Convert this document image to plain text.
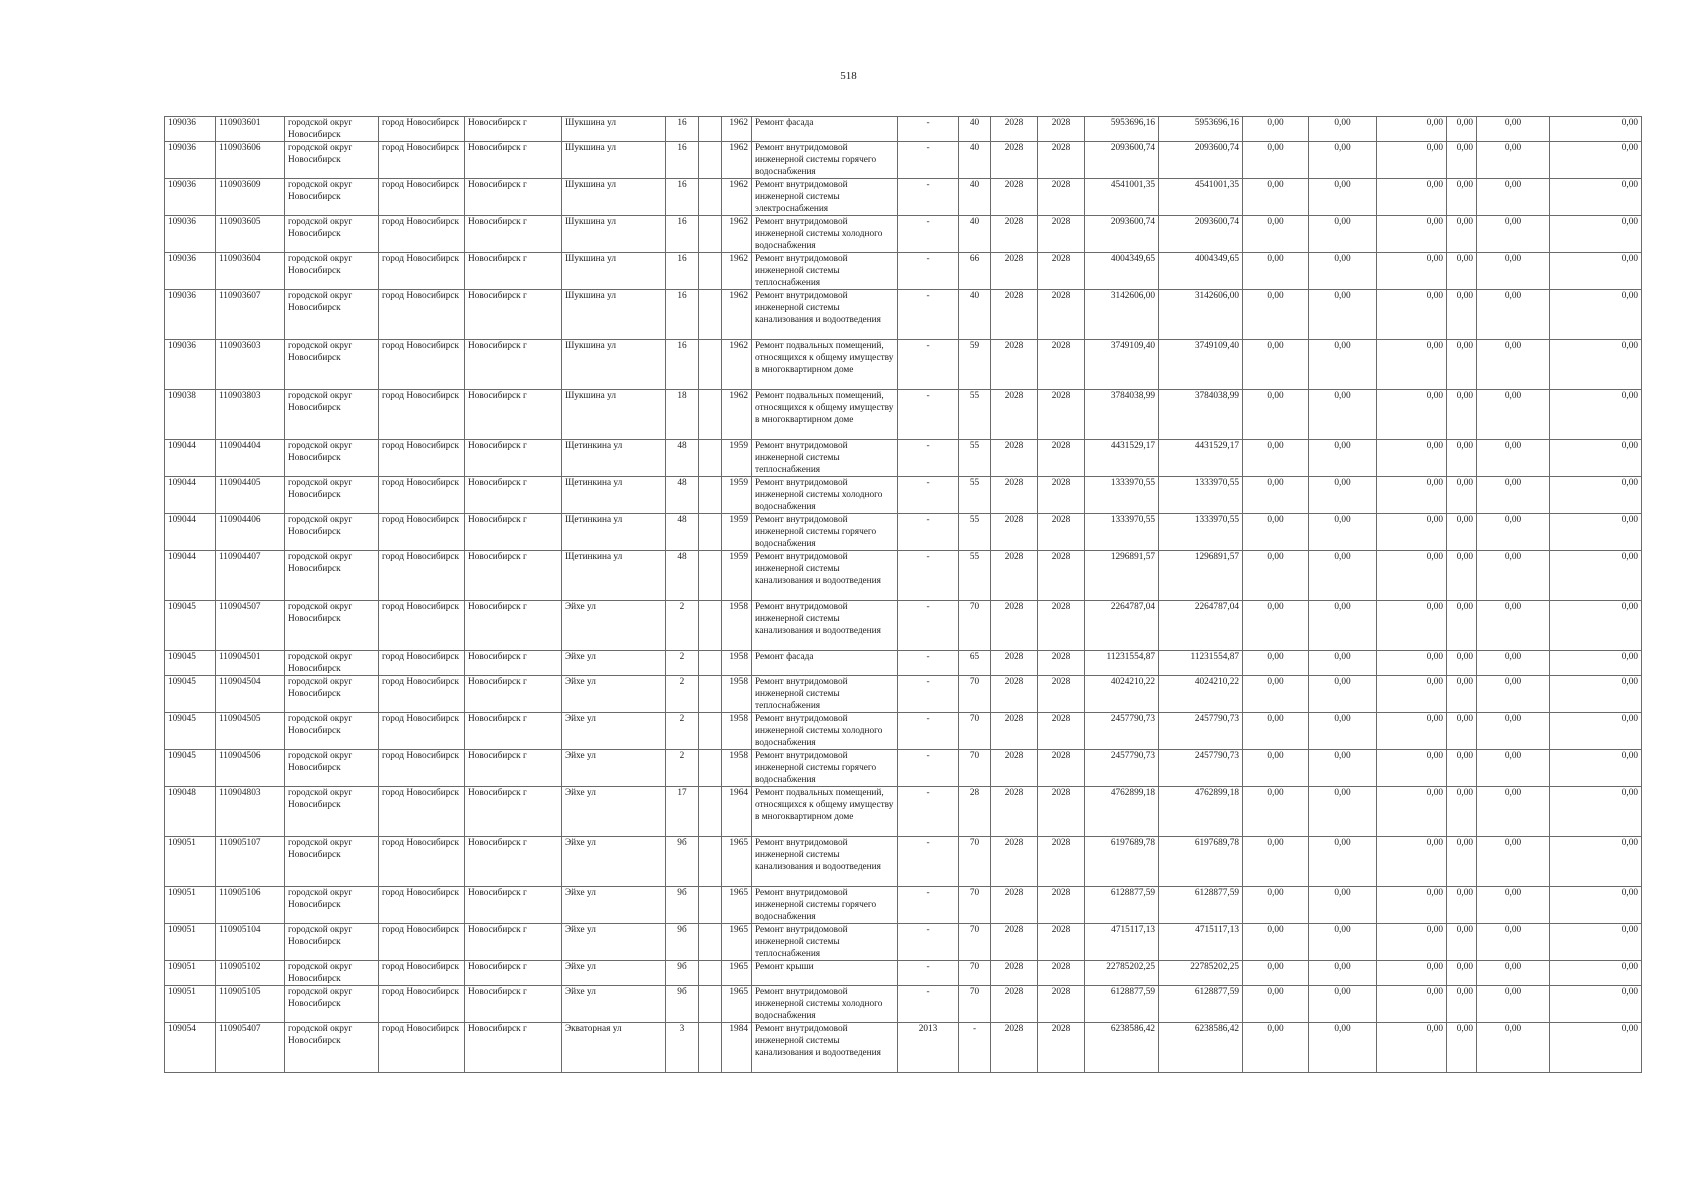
518
109036	110903601	городской округ Новосибирск	город Новосибирск	Новосибирск г	Шукшина ул	16		1962	Ремонт фасада	-	40	2028	2028	5953696,16	5953696,16	0,00	0,00	0,00	0,00	0,00	0,00
109036	110903606	городской округ Новосибирск	город Новосибирск	Новосибирск г	Шукшина ул	16		1962	Ремонт внутридомовой инженерной системы горячего водоснабжения	-	40	2028	2028	2093600,74	2093600,74	0,00	0,00	0,00	0,00	0,00	0,00
109036	110903609	городской округ Новосибирск	город Новосибирск	Новосибирск г	Шукшина ул	16		1962	Ремонт внутридомовой инженерной системы электроснабжения	-	40	2028	2028	4541001,35	4541001,35	0,00	0,00	0,00	0,00	0,00	0,00
109036	110903605	городской округ Новосибирск	город Новосибирск	Новосибирск г	Шукшина ул	16		1962	Ремонт внутридомовой инженерной системы холодного водоснабжения	-	40	2028	2028	2093600,74	2093600,74	0,00	0,00	0,00	0,00	0,00	0,00
109036	110903604	городской округ Новосибирск	город Новосибирск	Новосибирск г	Шукшина ул	16		1962	Ремонт внутридомовой инженерной системы теплоснабжения	-	66	2028	2028	4004349,65	4004349,65	0,00	0,00	0,00	0,00	0,00	0,00
109036	110903607	городской округ Новосибирск	город Новосибирск	Новосибирск г	Шукшина ул	16		1962	Ремонт внутридомовой инженерной системы канализования и водоотведения	-	40	2028	2028	3142606,00	3142606,00	0,00	0,00	0,00	0,00	0,00	0,00
109036	110903603	городской округ Новосибирск	город Новосибирск	Новосибирск г	Шукшина ул	16		1962	Ремонт подвальных помещений, относящихся к общему имуществу в многоквартирном доме	-	59	2028	2028	3749109,40	3749109,40	0,00	0,00	0,00	0,00	0,00	0,00
109038	110903803	городской округ Новосибирск	город Новосибирск	Новосибирск г	Шукшина ул	18		1962	Ремонт подвальных помещений, относящихся к общему имуществу в многоквартирном доме	-	55	2028	2028	3784038,99	3784038,99	0,00	0,00	0,00	0,00	0,00	0,00
109044	110904404	городской округ Новосибирск	город Новосибирск	Новосибирск г	Щетинкина ул	48		1959	Ремонт внутридомовой инженерной системы теплоснабжения	-	55	2028	2028	4431529,17	4431529,17	0,00	0,00	0,00	0,00	0,00	0,00
109044	110904405	городской округ Новосибирск	город Новосибирск	Новосибирск г	Щетинкина ул	48		1959	Ремонт внутридомовой инженерной системы холодного водоснабжения	-	55	2028	2028	1333970,55	1333970,55	0,00	0,00	0,00	0,00	0,00	0,00
109044	110904406	городской округ Новосибирск	город Новосибирск	Новосибирск г	Щетинкина ул	48		1959	Ремонт внутридомовой инженерной системы горячего водоснабжения	-	55	2028	2028	1333970,55	1333970,55	0,00	0,00	0,00	0,00	0,00	0,00
109044	110904407	городской округ Новосибирск	город Новосибирск	Новосибирск г	Щетинкина ул	48		1959	Ремонт внутридомовой инженерной системы канализования и водоотведения	-	55	2028	2028	1296891,57	1296891,57	0,00	0,00	0,00	0,00	0,00	0,00
109045	110904507	городской округ Новосибирск	город Новосибирск	Новосибирск г	Эйхе ул	2		1958	Ремонт внутридомовой инженерной системы канализования и водоотведения	-	70	2028	2028	2264787,04	2264787,04	0,00	0,00	0,00	0,00	0,00	0,00
109045	110904501	городской округ Новосибирск	город Новосибирск	Новосибирск г	Эйхе ул	2		1958	Ремонт фасада	-	65	2028	2028	11231554,87	11231554,87	0,00	0,00	0,00	0,00	0,00	0,00
109045	110904504	городской округ Новосибирск	город Новосибирск	Новосибирск г	Эйхе ул	2		1958	Ремонт внутридомовой инженерной системы теплоснабжения	-	70	2028	2028	4024210,22	4024210,22	0,00	0,00	0,00	0,00	0,00	0,00
109045	110904505	городской округ Новосибирск	город Новосибирск	Новосибирск г	Эйхе ул	2		1958	Ремонт внутридомовой инженерной системы холодного водоснабжения	-	70	2028	2028	2457790,73	2457790,73	0,00	0,00	0,00	0,00	0,00	0,00
109045	110904506	городской округ Новосибирск	город Новосибирск	Новосибирск г	Эйхе ул	2		1958	Ремонт внутридомовой инженерной системы горячего водоснабжения	-	70	2028	2028	2457790,73	2457790,73	0,00	0,00	0,00	0,00	0,00	0,00
109048	110904803	городской округ Новосибирск	город Новосибирск	Новосибирск г	Эйхе ул	17		1964	Ремонт подвальных помещений, относящихся к общему имуществу в многоквартирном доме	-	28	2028	2028	4762899,18	4762899,18	0,00	0,00	0,00	0,00	0,00	0,00
109051	110905107	городской округ Новосибирск	город Новосибирск	Новосибирск г	Эйхе ул	9б		1965	Ремонт внутридомовой инженерной системы канализования и водоотведения	-	70	2028	2028	6197689,78	6197689,78	0,00	0,00	0,00	0,00	0,00	0,00
109051	110905106	городской округ Новосибирск	город Новосибирск	Новосибирск г	Эйхе ул	9б		1965	Ремонт внутридомовой инженерной системы горячего водоснабжения	-	70	2028	2028	6128877,59	6128877,59	0,00	0,00	0,00	0,00	0,00	0,00
109051	110905104	городской округ Новосибирск	город Новосибирск	Новосибирск г	Эйхе ул	9б		1965	Ремонт внутридомовой инженерной системы теплоснабжения	-	70	2028	2028	4715117,13	4715117,13	0,00	0,00	0,00	0,00	0,00	0,00
109051	110905102	городской округ Новосибирск	город Новосибирск	Новосибирск г	Эйхе ул	9б		1965	Ремонт крыши	-	70	2028	2028	22785202,25	22785202,25	0,00	0,00	0,00	0,00	0,00	0,00
109051	110905105	городской округ Новосибирск	город Новосибирск	Новосибирск г	Эйхе ул	9б		1965	Ремонт внутридомовой инженерной системы холодного водоснабжения	-	70	2028	2028	6128877,59	6128877,59	0,00	0,00	0,00	0,00	0,00	0,00
109054	110905407	городской округ Новосибирск	город Новосибирск	Новосибирск г	Экваторная ул	3		1984	Ремонт внутридомовой инженерной системы канализования и водоотведения	2013	-	2028	2028	6238586,42	6238586,42	0,00	0,00	0,00	0,00	0,00	0,00
